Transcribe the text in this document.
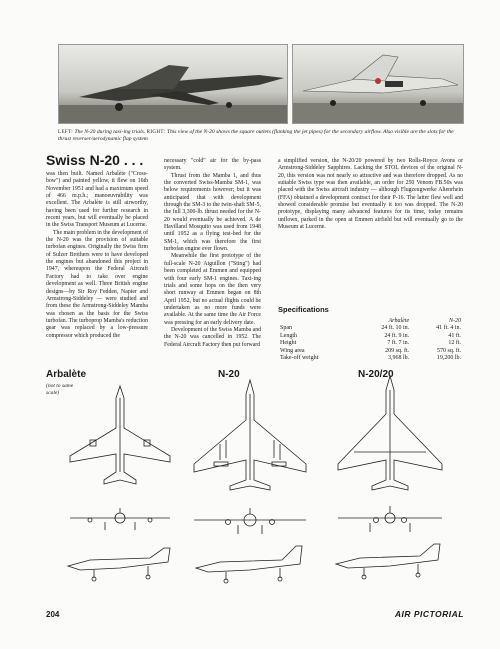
LEFT: The N-20 during taxi-ing trials. RIGHT: This view of the N-20 shows the square outlets (flanking the jet pipes) for the secondary airflow. Also visible are the slots for the thrust reverser/aerodynamic flap system
Swiss N-20 . . .

was then built. Named Arbalète ("Cross-bow") and painted yellow, it flew on 16th November 1951 and had a maximum speed of 466 m.p.h.; manoeuvrability was excellent. The Arbalète is still airworthy, having been used for further research in recent years, but will eventually be placed in the Swiss Transport Museum at Lucerne.

The main problem in the development of the N-20 was the provision of suitable turbofan engines. Originally the Swiss firm of Sulzer Brothers were to have developed the engines but abandoned this project in 1947, whereupon the Federal Aircraft Factory had to take over engine development as well. Three British engine designs—by Sir Roy Fedden, Napier and Armstrong-Siddeley — were studied and from these the Armstrong-Siddeley Mamba was chosen as the basis for the Swiss turbofan. The turboprop Mamba's reduction gear was replaced by a low-pressure compressor which produced the

necessary "cold" air for the by-pass system.

Thrust from the Mamba 1, and thus the converted Swiss-Mamba SM-1, was below requirements however; but it was anticipated that with development through the SM-3 to the twin-shaft SM-5, the full 3,300-lb. thrust needed for the N-20 would eventually be achieved. A de Havilland Mosquito was used from 1948 until 1952 as a flying test-bed for the SM-1, which was therefore the first turbofan engine ever flown.

Meanwhile the first prototype of the full-scale N-20 Aiguillon ("Sting") had been completed at Emmen and equipped with four early SM-1 engines. Taxi-ing trials and some hops on the then very short runway at Emmen began on 8th April 1952, but no actual flights could be undertaken as no more funds were available. At the same time the Air Force was pressing for an early delivery date.

Development of the Swiss Mamba and the N-20 was cancelled in 1952. The Federal Aircraft Factory then put forward

a simplified version, the N-20/20 powered by two Rolls-Royce Avons or Armstrong-Siddeley Sapphires. Lacking the STOL devices of the original N-20, this version was not nearly so attractive and was therefore dropped. As no suitable Swiss type was then available, an order for 250 Venom FB.50s was placed with the Swiss aircraft industry — although Flugzeugwerke Altenrhein (FFA) obtained a development contract for their P-16. The latter flew well and showed considerable promise but eventually it too was dropped. The N-20 prototype, displaying many advanced features for its time, today remains unflown, parked in the open at Emmen airfield but will eventually go to the Museum at Lucerne.

Specifications
	Arbalète	N-20
Span	24 ft. 10 in.	41 ft. 4 in.
Length	24 ft. 9 in.	41 ft.
Height	7 ft. 7 in.	12 ft.
Wing area	209 sq. ft.	570 sq. ft.
Take-off weight	3,968 lb.	19,200 lb.
Arbalète
(not to same scale)
N-20	N-20/20
204	AIR PICTORIAL
